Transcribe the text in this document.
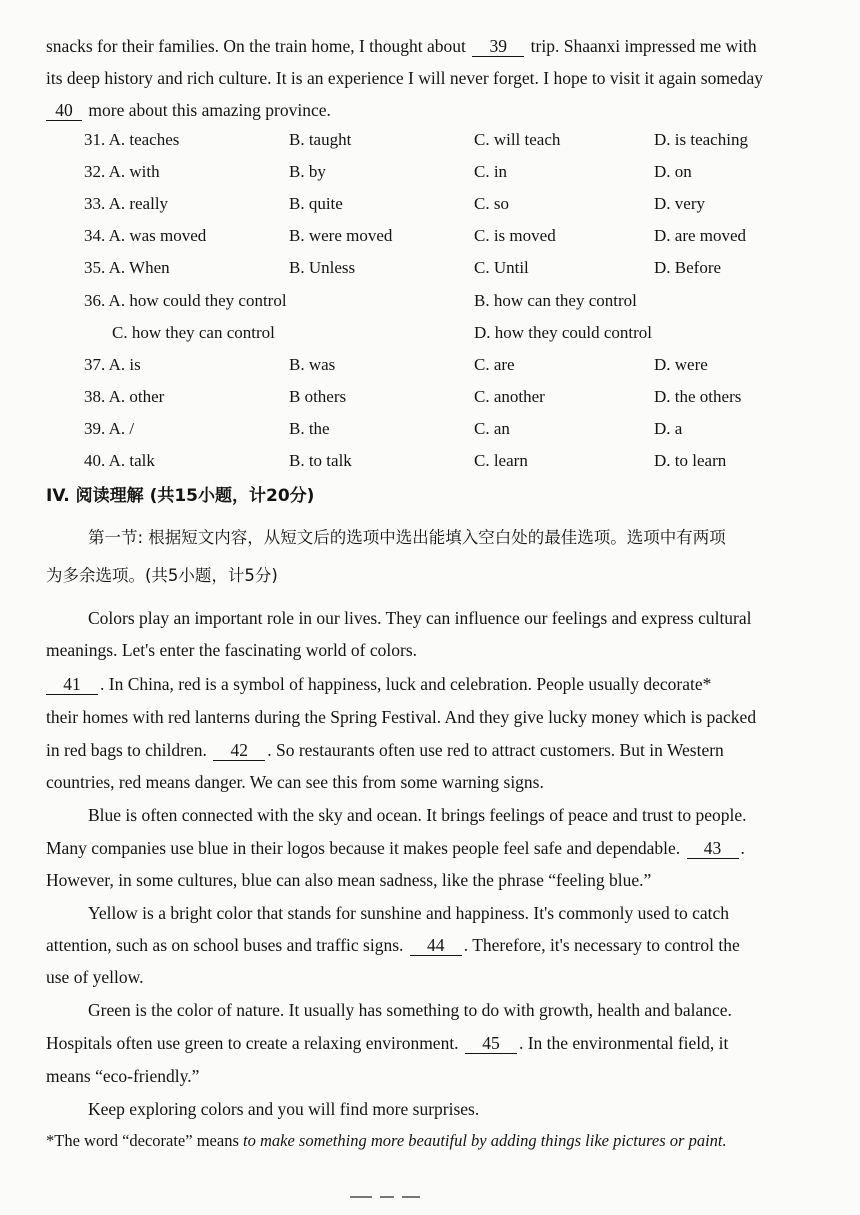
snacks for their families. On the train home, I thought about 39 trip. Shaanxi impressed me with
its deep history and rich culture. It is an experience I will never forget. I hope to visit it again someday
40 more about this amazing province.
31. A. teaches	B. taught	C. will teach	D. is teaching
32. A. with	B. by	C. in	D. on
33. A. really	B. quite	C. so	D. very
34. A. was moved	B. were moved	C. is moved	D. are moved
35. A. When	B. Unless	C. Until	D. Before
36. A. how could they control	B. how can they control
C. how they can control	D. how they could control
37. A. is	B. was	C. are	D. were
38. A. other	B others	C. another	D. the others
39. A. /	B. the	C. an	D. a
40. A. talk	B. to talk	C. learn	D. to learn
IV. 阅读理解 (共15小题，计20分)
第一节: 根据短文内容，从短文后的选项中选出能填入空白处的最佳选项。选项中有两项
为多余选项。(共5小题，计5分)
Colors play an important role in our lives. They can influence our feelings and express cultural
meanings. Let's enter the fascinating world of colors.
41 . In China, red is a symbol of happiness, luck and celebration. People usually decorate*
their homes with red lanterns during the Spring Festival. And they give lucky money which is packed
in red bags to children. 42 . So restaurants often use red to attract customers. But in Western
countries, red means danger. We can see this from some warning signs.
Blue is often connected with the sky and ocean. It brings feelings of peace and trust to people.
Many companies use blue in their logos because it makes people feel safe and dependable. 43 .
However, in some cultures, blue can also mean sadness, like the phrase “feeling blue.”
Yellow is a bright color that stands for sunshine and happiness. It's commonly used to catch
attention, such as on school buses and traffic signs. 44 . Therefore, it's necessary to control the
use of yellow.
Green is the color of nature. It usually has something to do with growth, health and balance.
Hospitals often use green to create a relaxing environment. 45 . In the environmental field, it
means “eco-friendly.”
Keep exploring colors and you will find more surprises.
*The word “decorate” means to make something more beautiful by adding things like pictures or paint.
